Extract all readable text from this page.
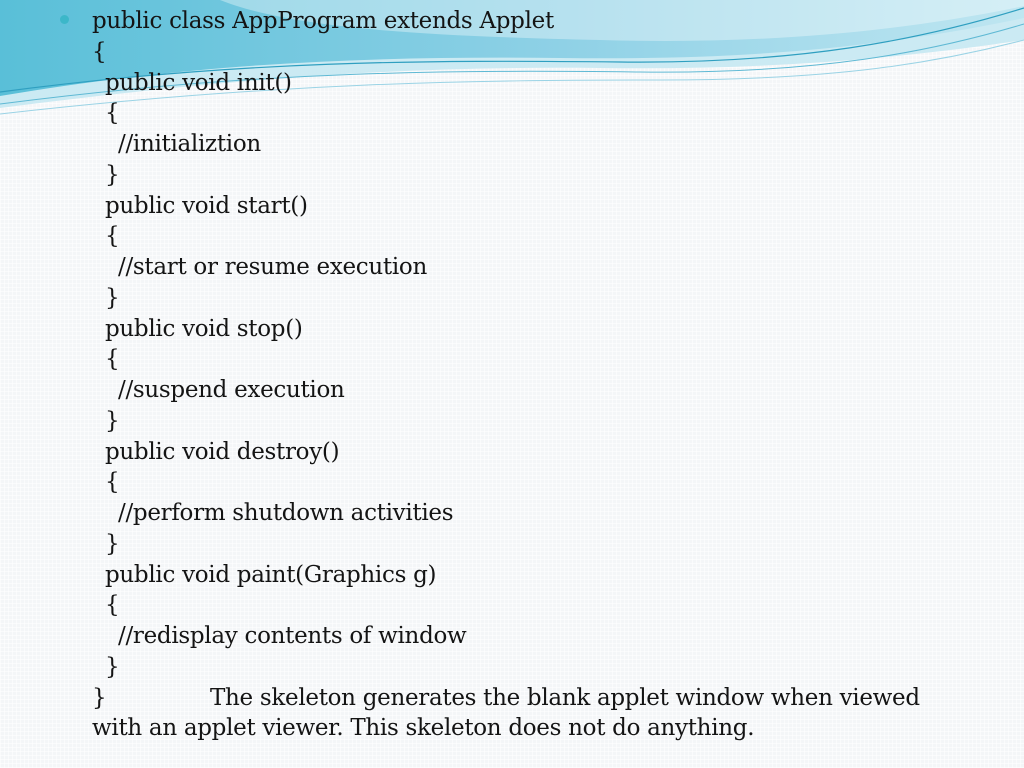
public class AppProgram extends Applet

{

public void init()

{

//initializtion

}

public void start()

{

//start or resume execution

}

public void stop()

{

//suspend execution

}

public void destroy()

{

//perform shutdown activities

}

public void paint(Graphics g)

{

//redisplay contents of window

}

}	The skeleton generates the blank applet window when viewed

with an applet viewer. This skeleton does not do anything.
